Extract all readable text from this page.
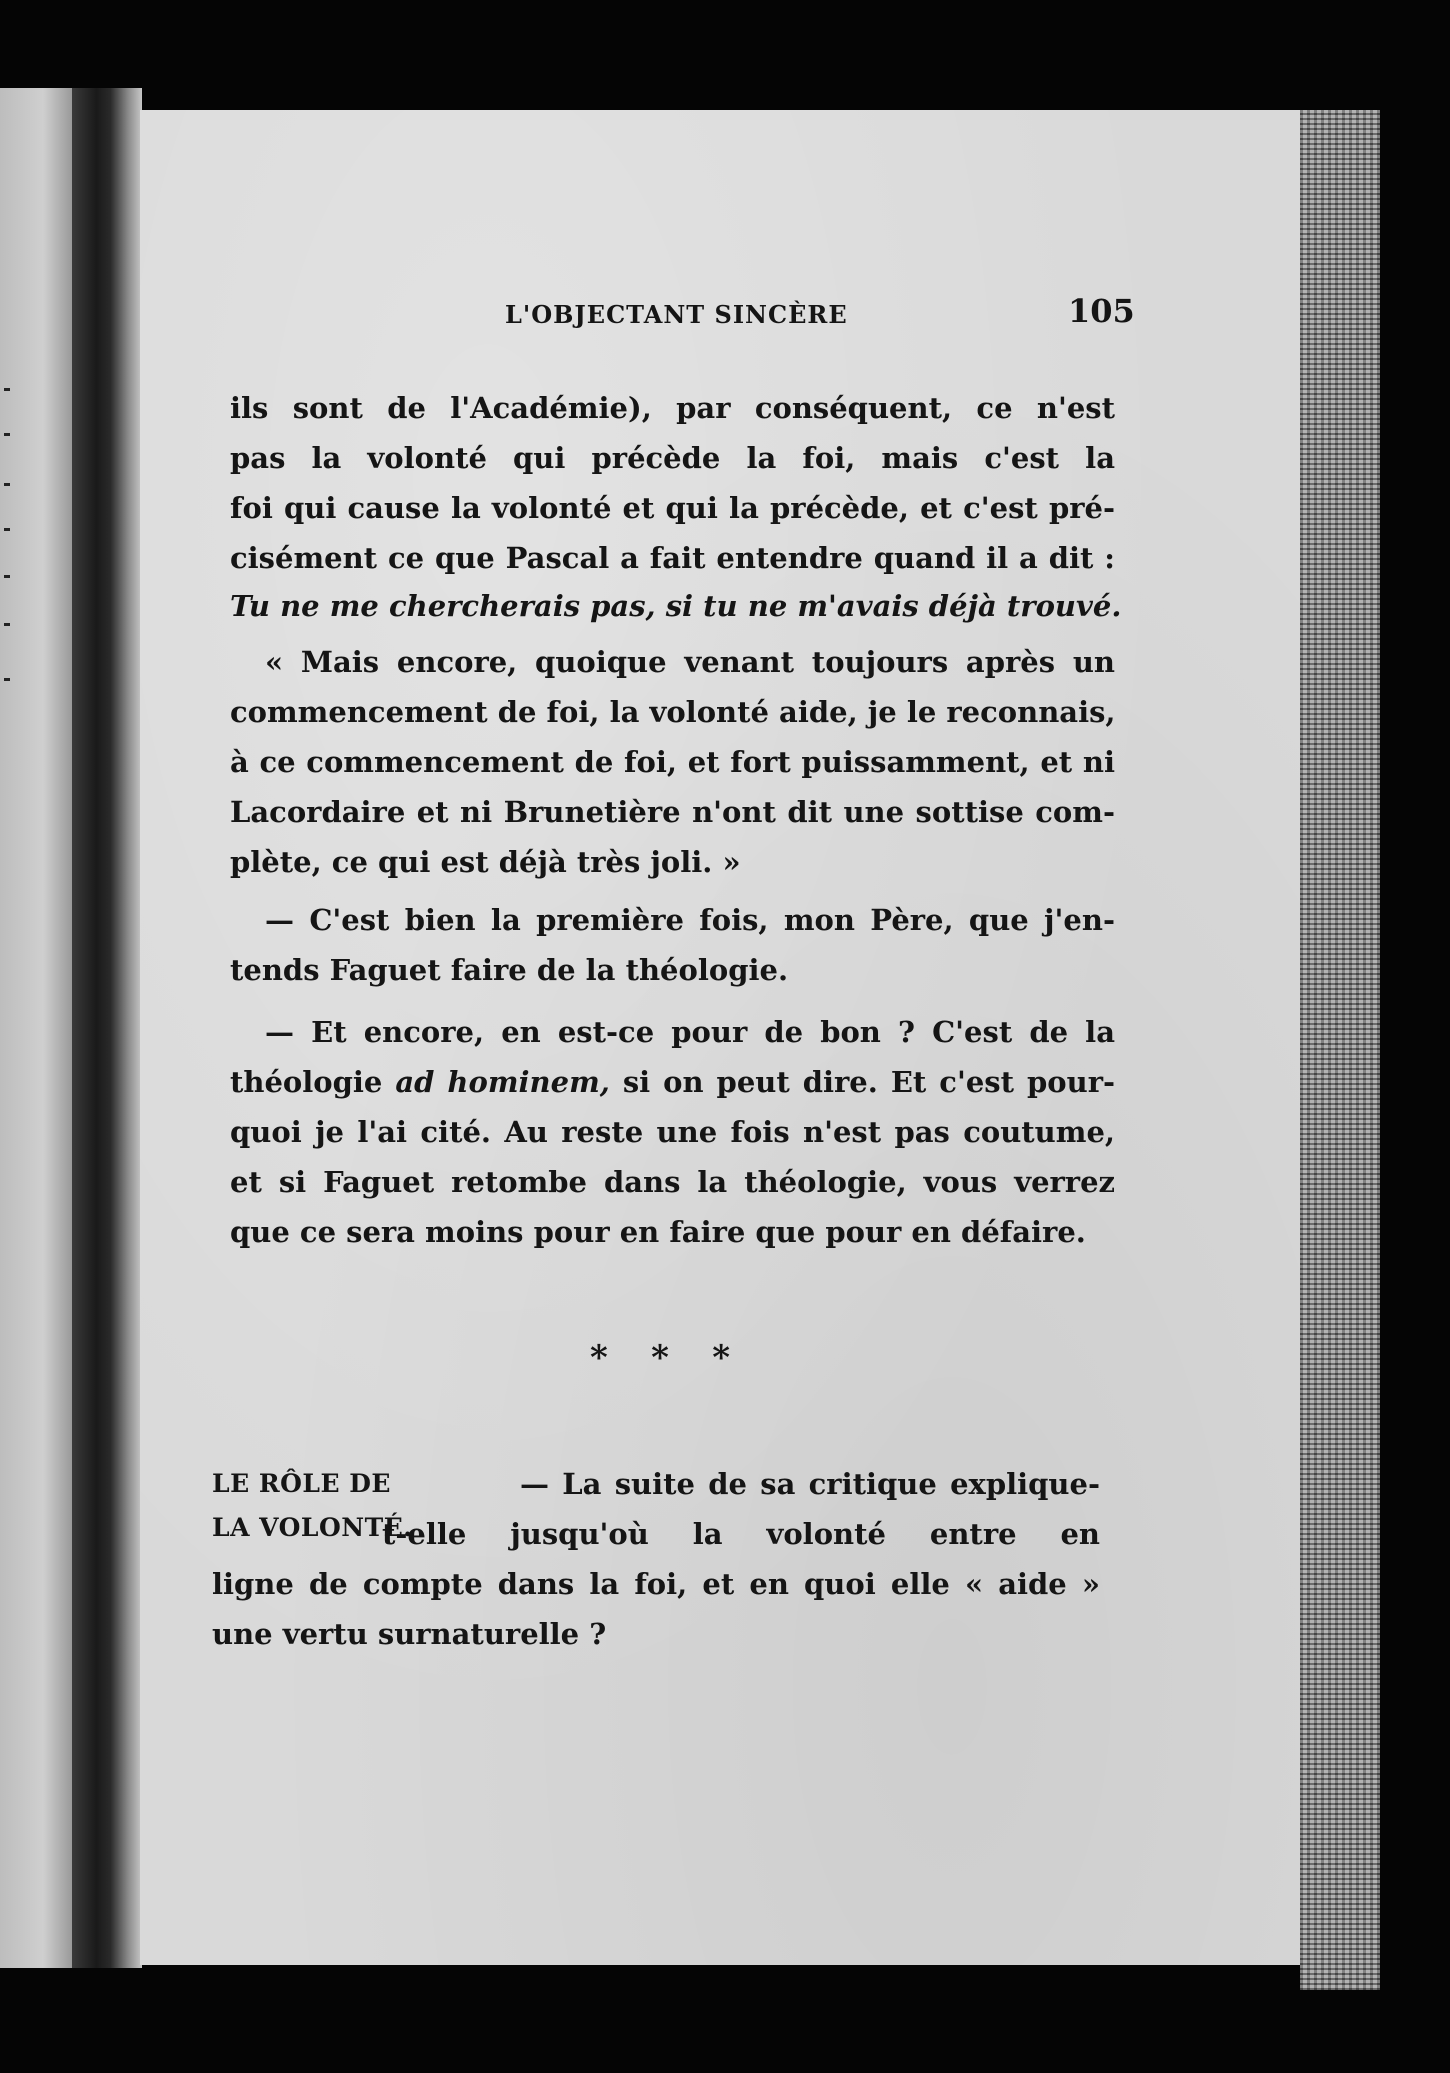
L'OBJECTANT SINCÈRE	105
ils sont de l'Académie), par conséquent, ce n'est
pas la volonté qui précède la foi, mais c'est la
foi qui cause la volonté et qui la précède, et c'est pré-
cisément ce que Pascal a fait entendre quand il a dit :
Tu ne me chercherais pas, si tu ne m'avais déjà trouvé.
« Mais encore, quoique venant toujours après un
commencement de foi, la volonté aide, je le reconnais,
à ce commencement de foi, et fort puissamment, et ni
Lacordaire et ni Brunetière n'ont dit une sottise com-
plète, ce qui est déjà très joli. »
— C'est bien la première fois, mon Père, que j'en-
tends Faguet faire de la théologie.
— Et encore, en est-ce pour de bon ? C'est de la
théologie ad hominem, si on peut dire. Et c'est pour-
quoi je l'ai cité. Au reste une fois n'est pas coutume,
et si Faguet retombe dans la théologie, vous verrez
que ce sera moins pour en faire que pour en défaire.
* * *
LE RÔLE DE
LA VOLONTÉ.
— La suite de sa critique explique-
t-elle jusqu'où la volonté entre en
ligne de compte dans la foi, et en quoi elle « aide »
une vertu surnaturelle ?
